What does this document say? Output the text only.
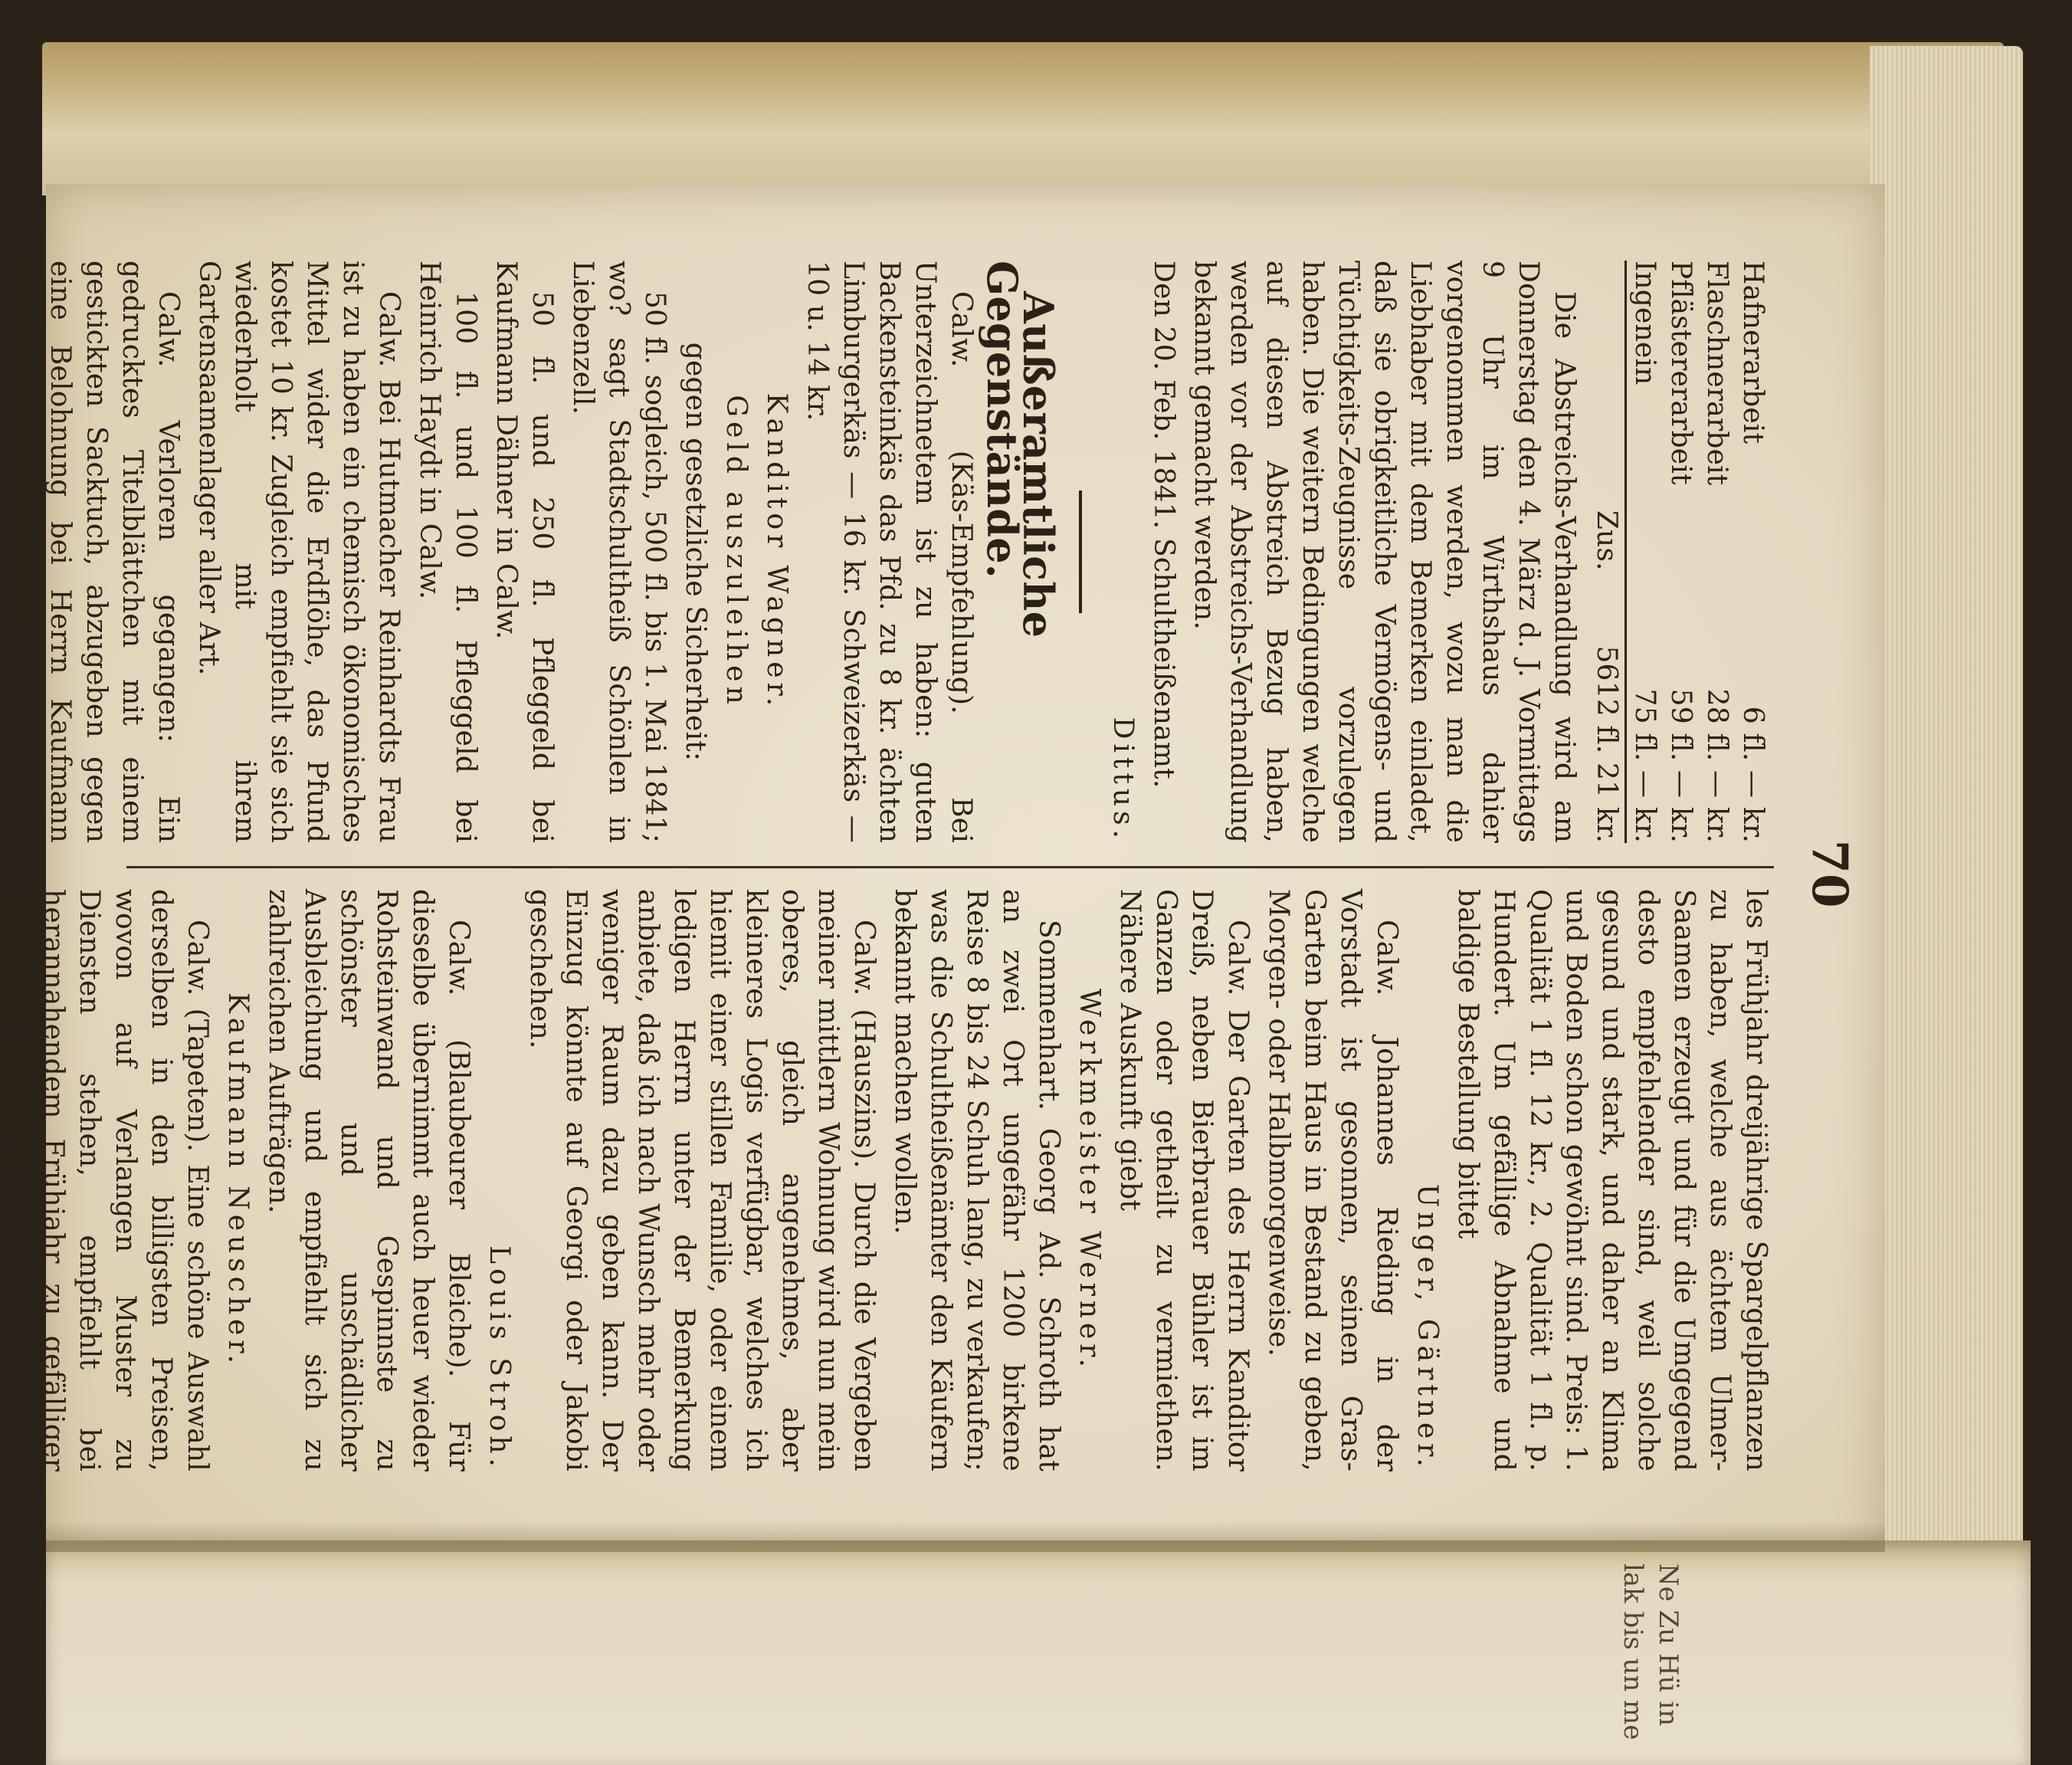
70
Hafnerarbeit	6 fl. — kr.
Flaschnerarbeit	28 fl. — kr.
Pflästererarbeit	59 fl. — kr.
Ingenein	75 fl. — kr.
Zus.	5612 fl. 21 kr.

Die Abstreichs-Verhandlung wird am Donnerstag den 4. März d. J. Vormittags 9 Uhr im Wirthshaus dahier vorgenommen werden, wozu man die Liebhaber mit dem Bemerken einladet, daß sie obrigkeitliche Vermögens- und Tüchtigkeits-Zeugnisse vorzulegen haben. Die weitern Bedingungen welche auf diesen Abstreich Bezug haben, werden vor der Abstreichs-Verhandlung bekannt gemacht werden.

Den 20. Feb. 1841. Schultheißenamt.

Dittus.

Außeramtliche Gegenstände.

Calw. (Käs-Empfehlung). Bei Unterzeichnetem ist zu haben: guten Backensteinkäs das Pfd. zu 8 kr. ächten Limburgerkäs — 16 kr. Schweizerkäs — 10 u. 14 kr.

Kanditor Wagner.

Geld auszuleihen

gegen gesetzliche Sicherheit:

50 fl. sogleich, 500 fl. bis 1. Mai 1841; wo? sagt Stadtschultheiß Schönlen in Liebenzell.

50 fl. und 250 fl. Pfleggeld bei Kaufmann Dähner in Calw.

100 fl. und 100 fl. Pfleggeld bei Heinrich Haydt in Calw.

Calw. Bei Hutmacher Reinhardts Frau ist zu haben ein chemisch ökonomisches Mittel wider die Erdflöhe, das Pfund kostet 10 kr. Zugleich empfiehlt sie sich wiederholt mit ihrem Gartensaamenlager aller Art.

Calw. Verloren gegangen: Ein gedrucktes Titelblättchen mit einem gestickten Sacktuch, abzugeben gegen eine Belohnung bei Herrn Kaufmann Enslin in der Ledergasse.

les Frühjahr dreijährige Spargelpflanzen zu haben, welche aus ächtem Ulmer-Saamen erzeugt und für die Umgegend desto empfehlender sind, weil solche gesund und stark, und daher an Klima und Boden schon gewöhnt sind. Preis: 1. Qualität 1 fl. 12 kr., 2. Qualität 1 fl. p. Hundert. Um gefällige Abnahme und baldige Bestellung bittet

Unger, Gärtner.

Calw. Johannes Rieding in der Vorstadt ist gesonnen, seinen Gras-Garten beim Haus in Bestand zu geben, Morgen- oder Halbmorgenweise.

Calw. Der Garten des Herrn Kanditor Dreiß, neben Bierbrauer Bühler ist im Ganzen oder getheilt zu vermiethen. Nähere Auskunft giebt

Werkmeister Werner.

Sommenhart. Georg Ad. Schroth hat an zwei Ort ungefähr 1200 birkene Reise 8 bis 24 Schuh lang, zu verkaufen; was die Schultheißenämter den Käufern bekannt machen wollen.

Calw. (Hauszins). Durch die Vergeben meiner mittlern Wohnung wird nun mein oberes, gleich angenehmes, aber kleineres Logis verfügbar, welches ich hiemit einer stillen Familie, oder einem ledigen Herrn unter der Bemerkung anbiete, daß ich nach Wunsch mehr oder weniger Raum dazu geben kann. Der Einzug könnte auf Georgi oder Jakobi geschehen.

Louis Stroh.

Calw. (Blaubeurer Bleiche). Für dieselbe übernimmt auch heuer wieder Rohsteinwand und Gespinnste zu schönster und unschädlicher Ausbleichung und empfiehlt sich zu zahlreichen Aufträgen.

Kaufmann Neuscher.

Calw. (Tapeten). Eine schöne Auswahl derselben in den billigsten Preisen, wovon auf Verlangen Muster zu Diensten stehen, empfiehlt bei herannahendem Frühjahr zu gefälliger Abnahme ergebenst

Ne Zu Hü in lak bis un me
